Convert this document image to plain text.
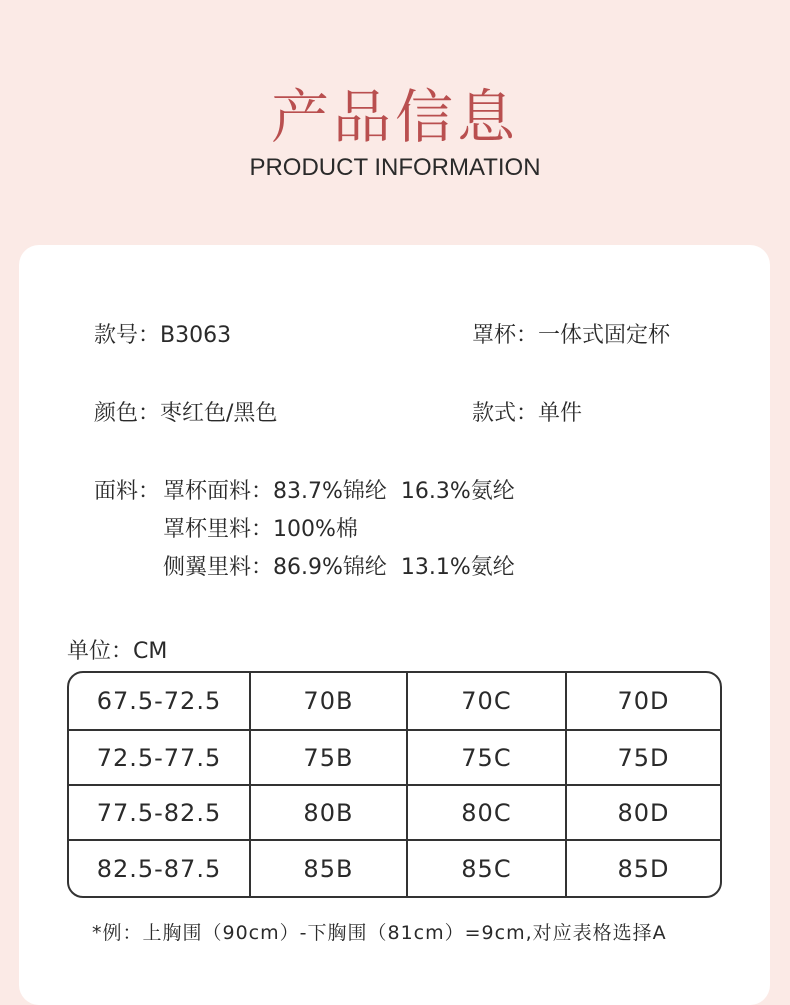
产品信息
PRODUCT INFORMATION
款号：B3063	罩杯：一体式固定杯
颜色：枣红色/黑色	款式：单件
面料： 罩杯面料：83.7%锦纶  16.3%氨纶
罩杯里料：100%棉
侧翼里料：86.9%锦纶  13.1%氨纶
单位：CM
67.5-72.5	70B	70C	70D
72.5-77.5	75B	75C	75D
77.5-82.5	80B	80C	80D
82.5-87.5	85B	85C	85D
*例：上胸围（90cm）-下胸围（81cm）=9cm,对应表格选择A
